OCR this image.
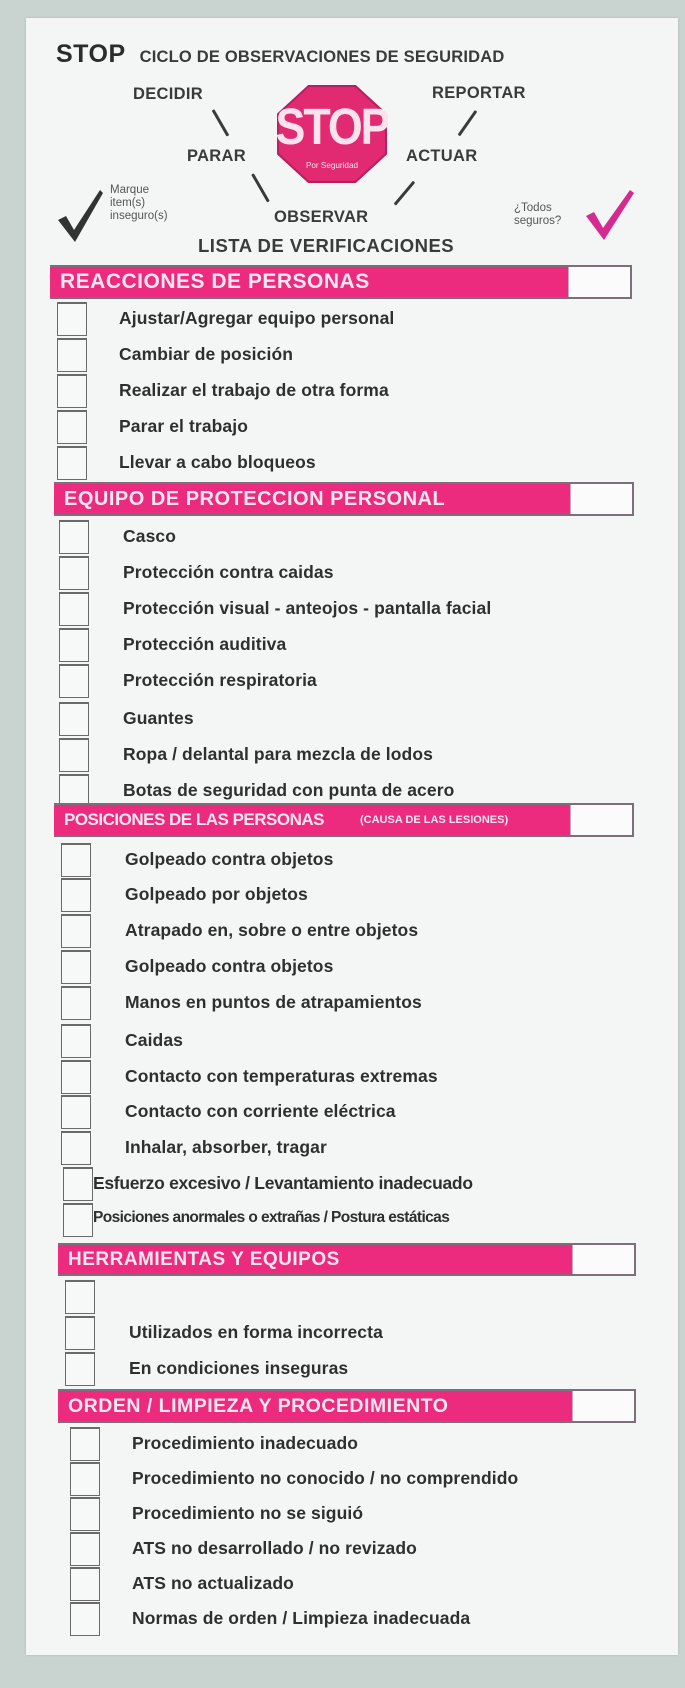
STOP CICLO DE OBSERVACIONES DE SEGURIDAD
DECIDIR	REPORTAR
PARAR	ACTUAR
OBSERVAR
STOP
Por Seguridad
Marque
item(s)
inseguro(s)
¿Todos
seguros?
LISTA DE VERIFICACIONES
REACCIONES DE PERSONAS
Ajustar/Agregar equipo personal
Cambiar de posición
Realizar el trabajo de otra forma
Parar el trabajo
Llevar a cabo bloqueos
EQUIPO DE PROTECCION PERSONAL
Casco
Protección contra caidas
Protección visual - anteojos - pantalla facial
Protección auditiva
Protección respiratoria
Guantes
Ropa / delantal para mezcla de lodos
Botas de seguridad con punta de acero
POSICIONES DE LAS PERSONAS	(CAUSA DE LAS LESIONES)
Golpeado contra objetos
Golpeado por objetos
Atrapado en, sobre o entre objetos
Golpeado contra objetos
Manos en puntos de atrapamientos
Caidas
Contacto con temperaturas extremas
Contacto con corriente eléctrica
Inhalar, absorber, tragar
Esfuerzo excesivo / Levantamiento inadecuado
Posiciones anormales o extrañas / Postura estáticas
HERRAMIENTAS Y EQUIPOS
Utilizados en forma incorrecta
En condiciones inseguras
ORDEN / LIMPIEZA Y PROCEDIMIENTO
Procedimiento inadecuado
Procedimiento no conocido / no comprendido
Procedimiento no se siguió
ATS no desarrollado / no revizado
ATS no actualizado
Normas de orden / Limpieza inadecuada
